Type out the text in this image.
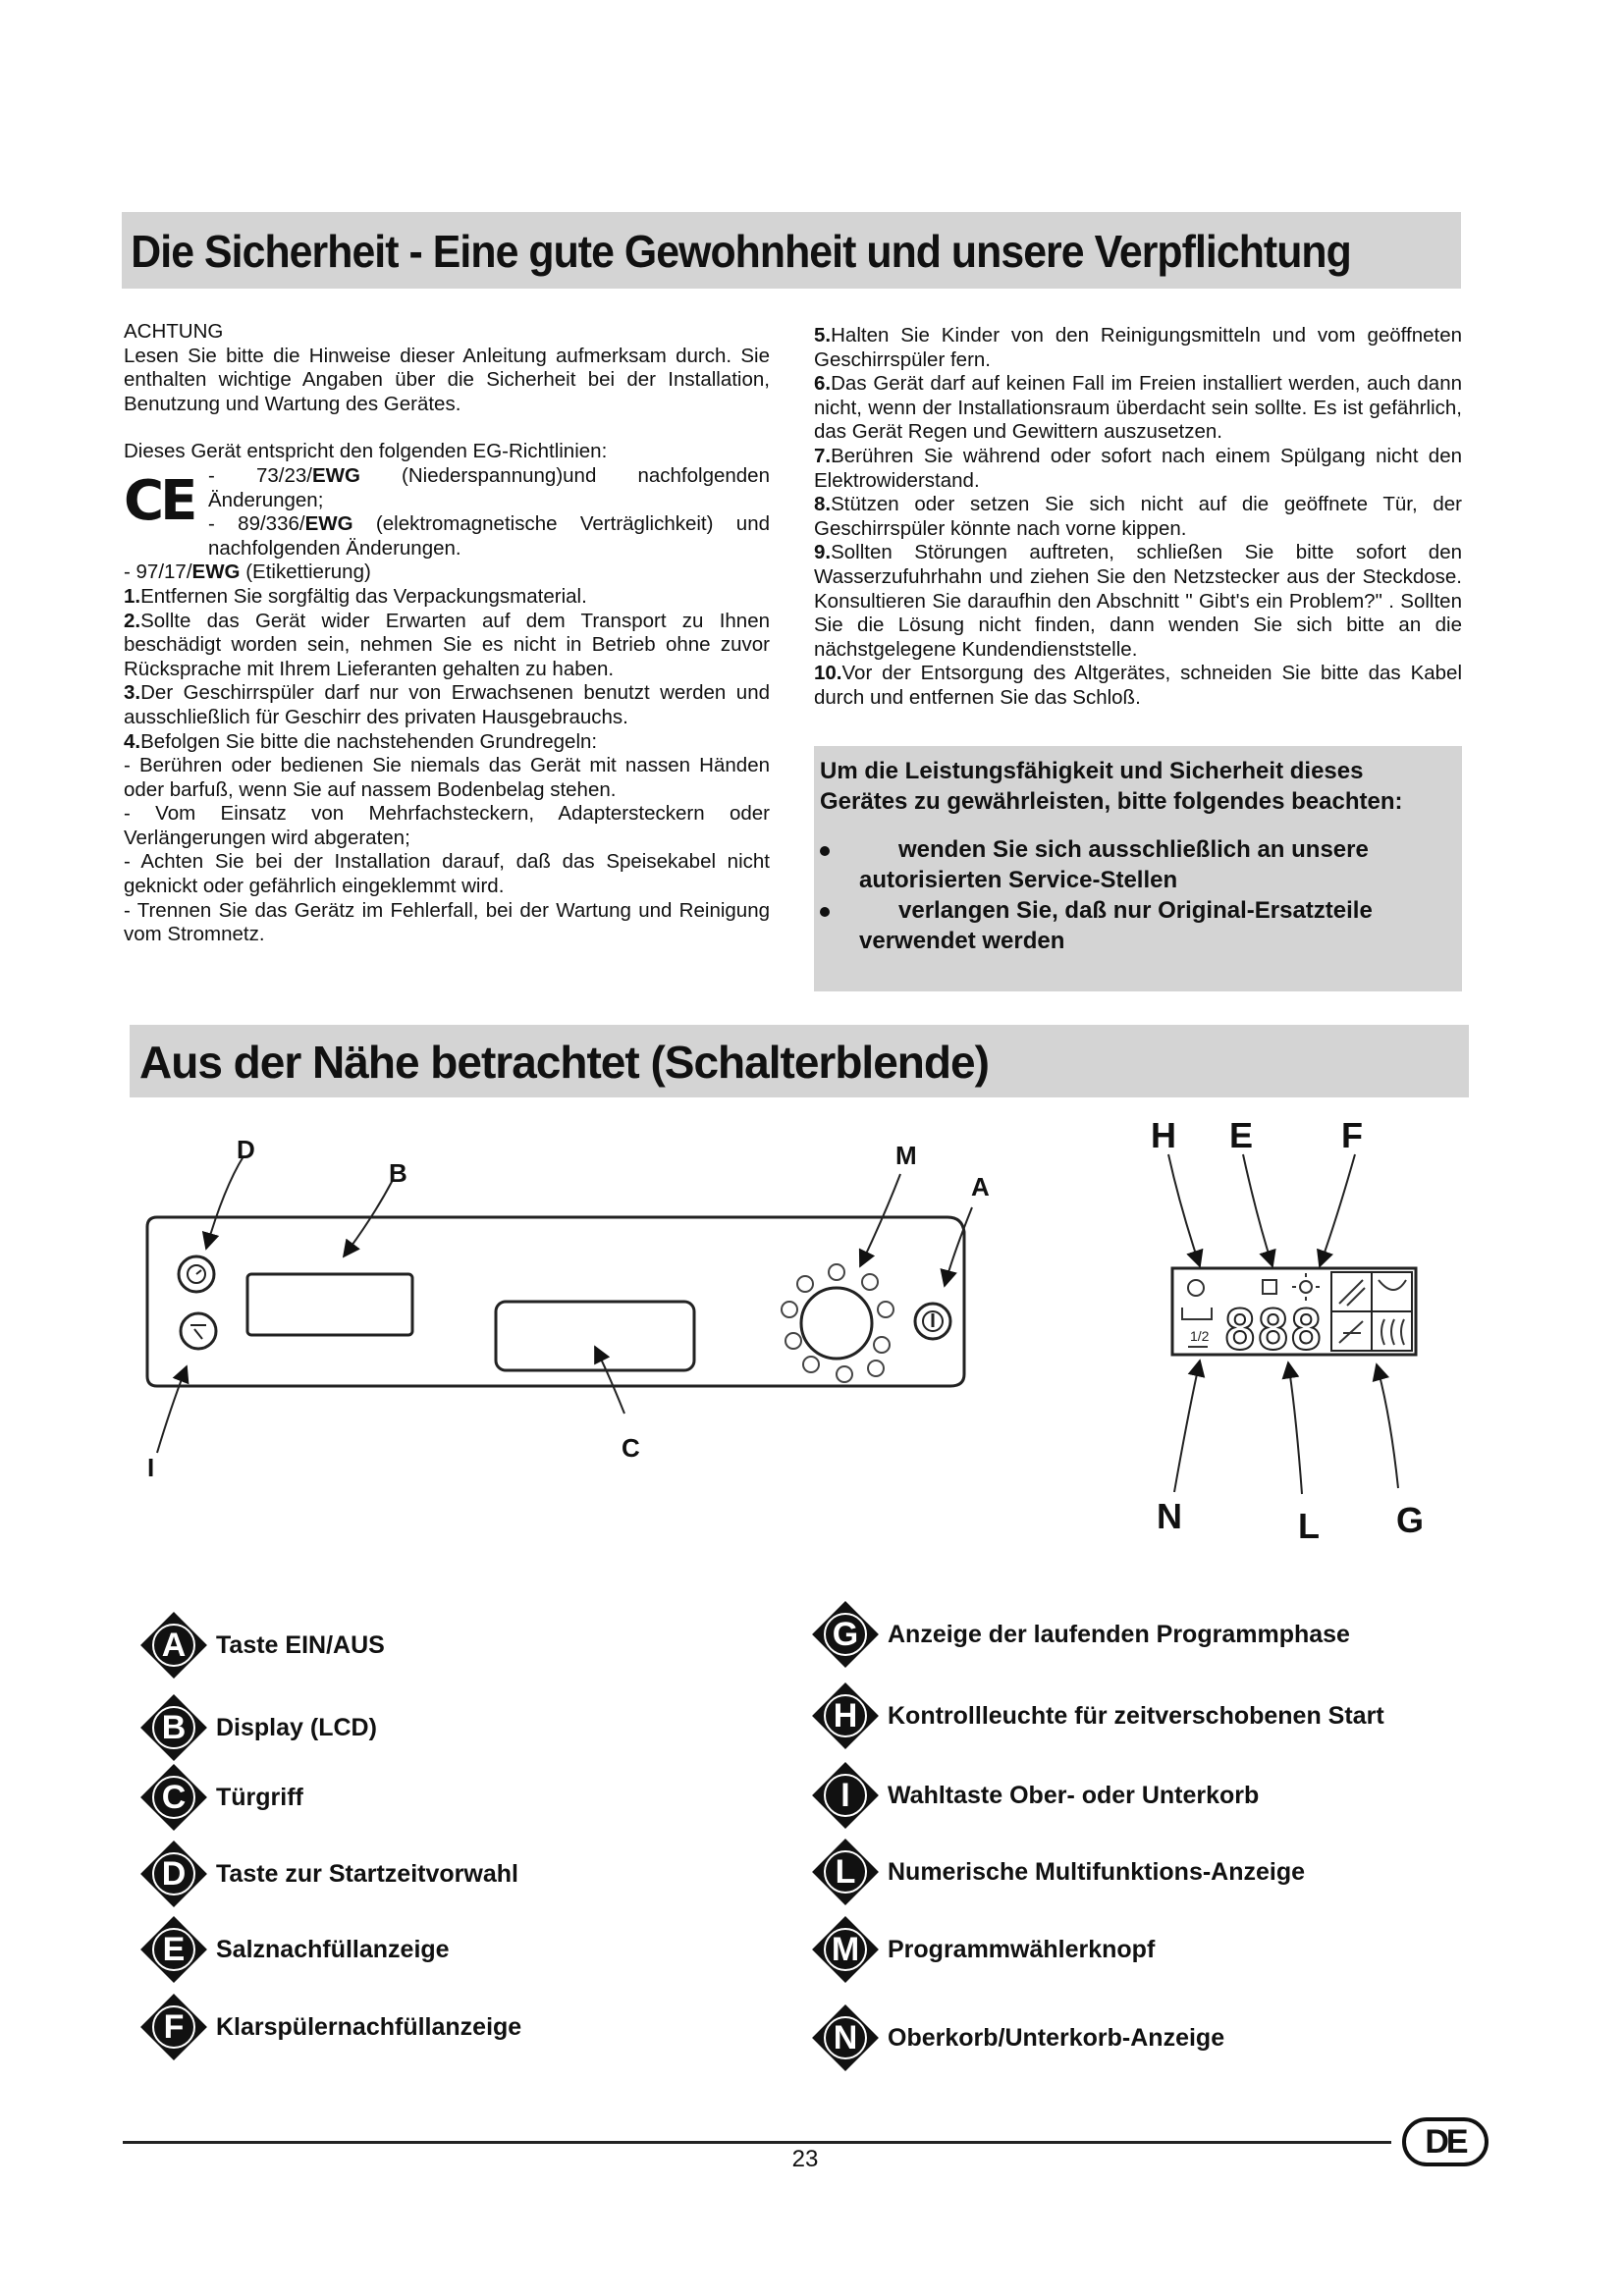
Die Sicherheit - Eine gute Gewohnheit und unsere Verpflichtung

ACHTUNG

Lesen Sie bitte die Hinweise dieser Anleitung aufmerksam durch. Sie enthalten wichtige Angaben über die Sicherheit bei der Installation, Benutzung und Wartung des Gerätes.

Dieses Gerät entspricht den folgenden EG-Richtlinien:

CE - 73/23/EWG (Niederspannung)und nachfolgenden Änderungen;

- 89/336/EWG (elektromagnetische Verträglichkeit) und nachfolgenden Änderungen.

- 97/17/EWG (Etikettierung)

1.Entfernen Sie sorgfältig das Verpackungsmaterial.

2.Sollte das Gerät wider Erwarten auf dem Transport zu Ihnen beschädigt worden sein, nehmen Sie es nicht in Betrieb ohne zuvor Rücksprache mit Ihrem Lieferanten gehalten zu haben.

3.Der Geschirrspüler darf nur von Erwachsenen benutzt werden und ausschließlich für Geschirr des privaten Hausgebrauchs.

4.Befolgen Sie bitte die nachstehenden Grundregeln:

- Berühren oder bedienen Sie niemals das Gerät mit nassen Händen oder barfuß, wenn Sie auf nassem Bodenbelag stehen.

- Vom Einsatz von Mehrfachsteckern, Adaptersteckern oder Verlängerungen wird abgeraten;

- Achten Sie bei der Installation darauf, daß das Speisekabel nicht geknickt oder gefährlich eingeklemmt wird.

- Trennen Sie das Gerätz im Fehlerfall, bei der Wartung und Reinigung vom Stromnetz.

5.Halten Sie Kinder von den Reinigungsmitteln und vom geöffneten Geschirrspüler fern.

6.Das Gerät darf auf keinen Fall im Freien installiert werden, auch dann nicht, wenn der Installationsraum überdacht sein sollte. Es ist gefährlich, das Gerät Regen und Gewittern auszusetzen.

7.Berühren Sie während oder sofort nach einem Spülgang nicht den Elektrowiderstand.

8.Stützen oder setzen Sie sich nicht auf die geöffnete Tür, der Geschirrspüler könnte nach vorne kippen.

9.Sollten Störungen auftreten, schließen Sie bitte sofort den Wasserzufuhrhahn und ziehen Sie den Netzstecker aus der Steckdose. Konsultieren Sie daraufhin den Abschnitt " Gibt's ein Problem?" . Sollten Sie die Lösung nicht finden, dann wenden Sie sich bitte an die nächstgelegene Kundendienststelle.

10.Vor der Entsorgung des Altgerätes, schneiden Sie bitte das Kabel durch und entfernen Sie das Schloß.

Um die Leistungsfähigkeit und Sicherheit dieses Gerätes zu gewährleisten, bitte folgendes beachten:
wenden Sie sich ausschließlich an unsere autorisierten Service-Stellen
verlangen Sie, daß nur Original-Ersatzteile verwendet werden
Aus der Nähe betrachtet (Schalterblende)
1/2 888
D
B
M
A
I
C
H E F
N	L G
A	Taste EIN/AUS
B	Display (LCD)
C	Türgriff
D	Taste zur Startzeitvorwahl
E	Salznachfüllanzeige
F	Klarspülernachfüllanzeige
G	Anzeige der laufenden Programmphase
H	Kontrollleuchte für zeitverschobenen Start
I	Wahltaste Ober- oder Unterkorb
L	Numerische Multifunktions-Anzeige
M	Programmwählerknopf
N	Oberkorb/Unterkorb-Anzeige
23	DE
